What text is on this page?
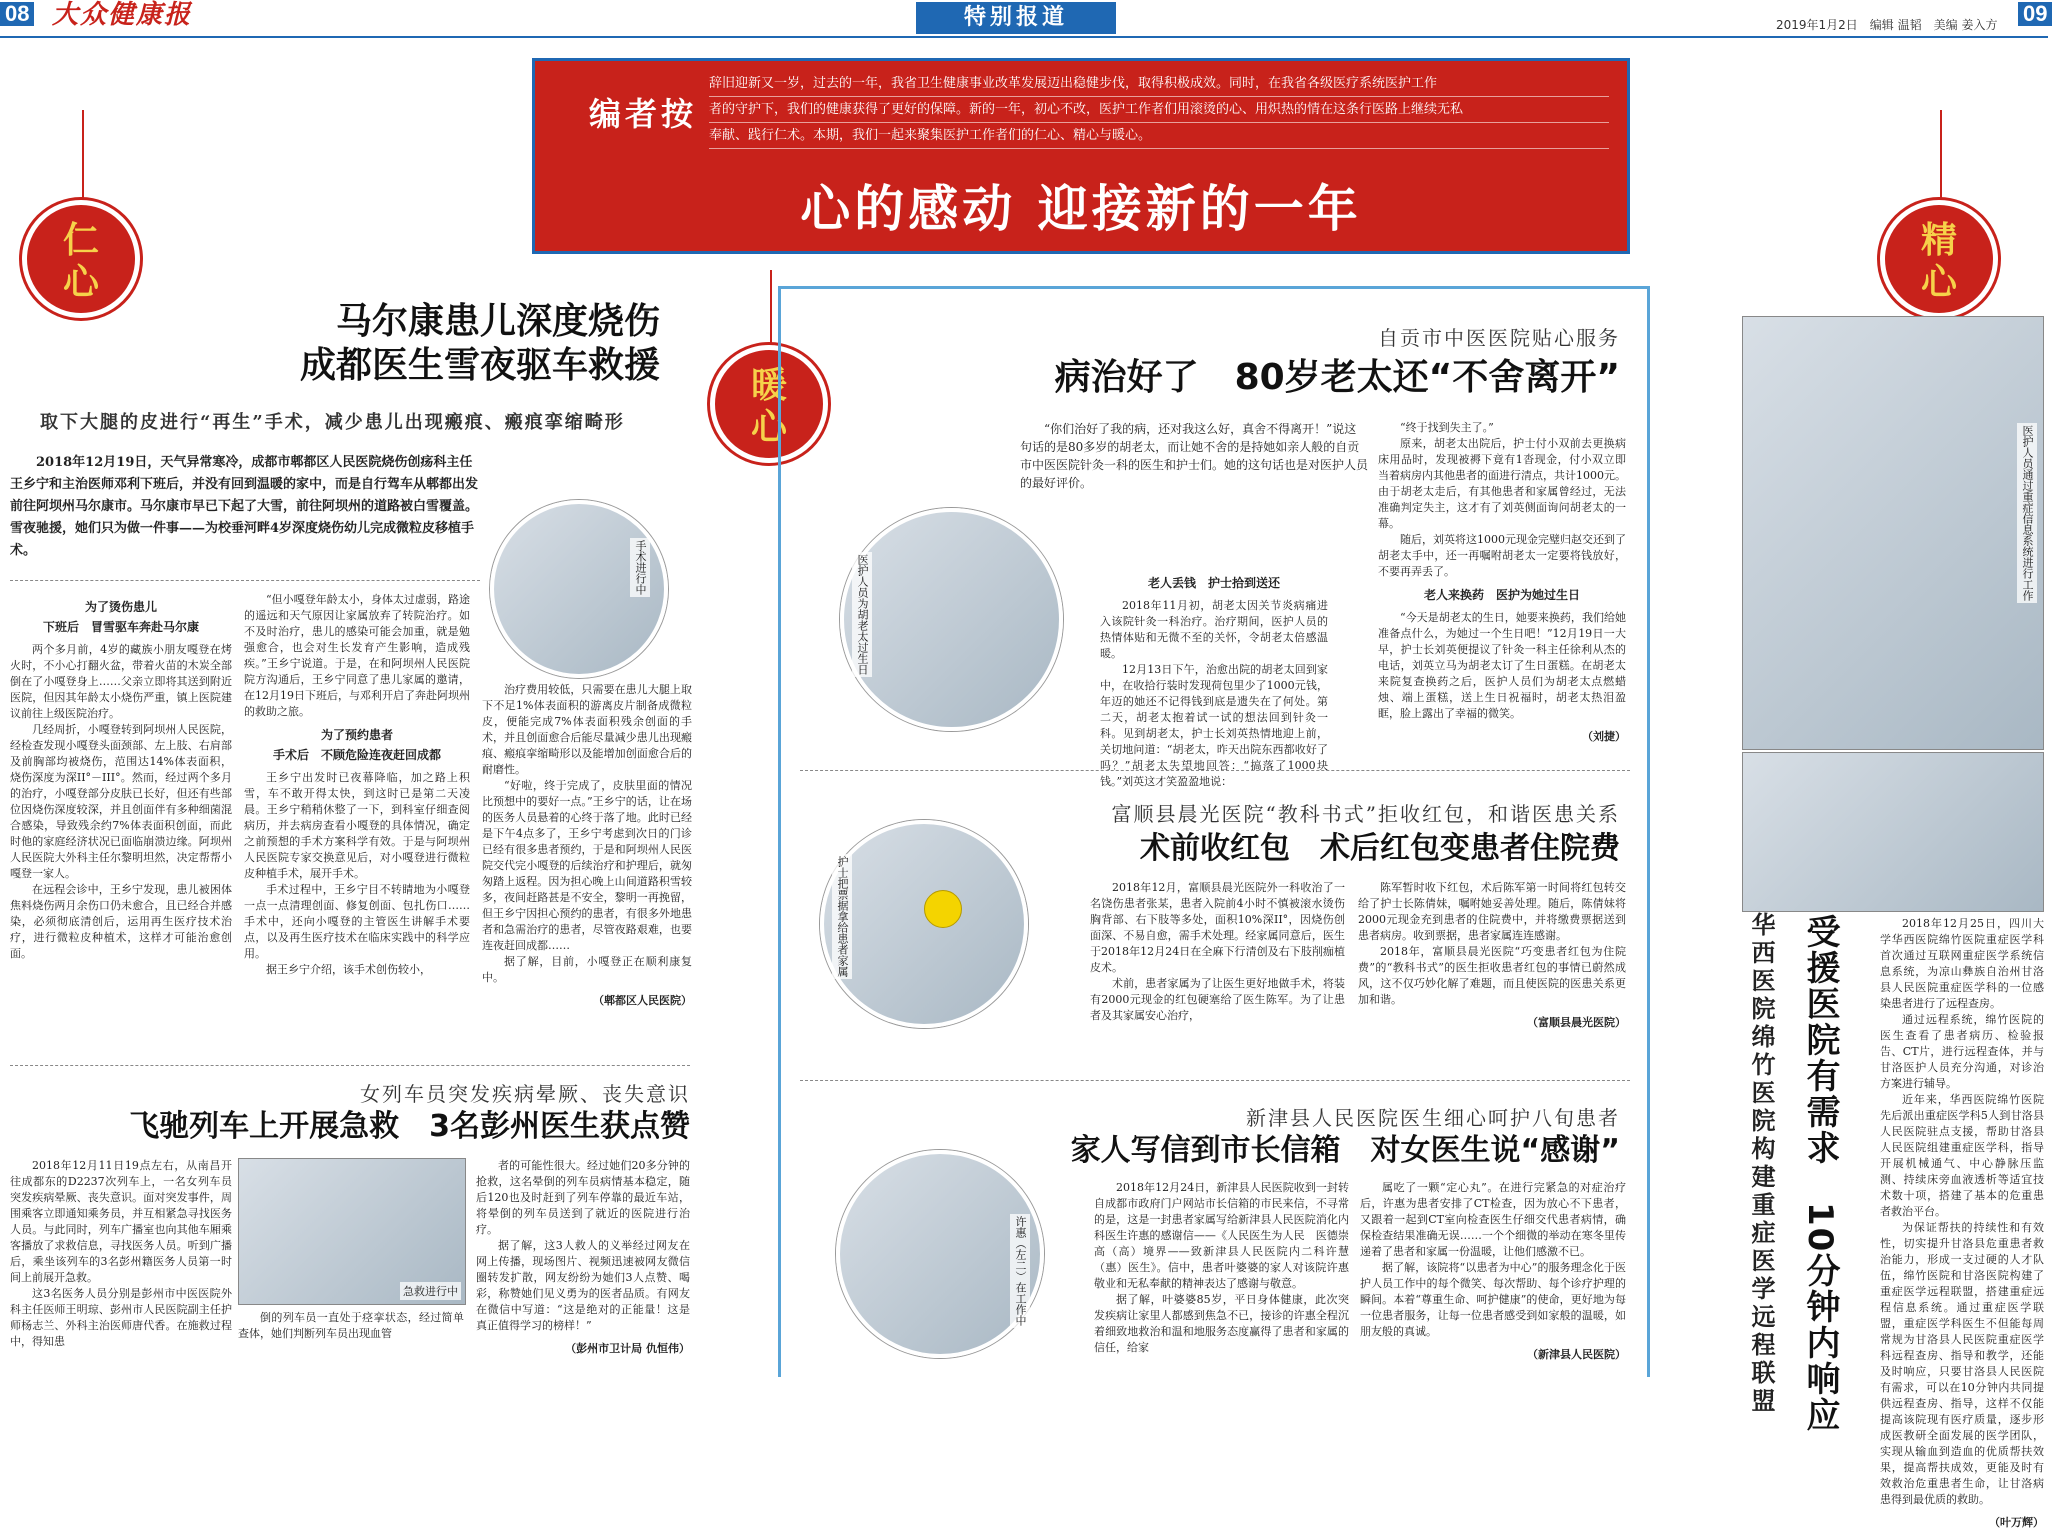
08 大众健康报	特别报道	2019年1月2日　编辑 温韬　美编 姜入方 09
编者按

辞旧迎新又一岁，过去的一年，我省卫生健康事业改革发展迈出稳健步伐，取得积极成效。同时，在我省各级医疗系统医护工作

者的守护下，我们的健康获得了更好的保障。新的一年，初心不改，医护工作者们用滚烫的心、用炽热的情在这条行医路上继续无私

奉献、践行仁术。本期，我们一起来聚集医护工作者们的仁心、精心与暖心。

心的感动 迎接新的一年
仁心
暖心
精心
马尔康患儿深度烧伤
成都医生雪夜驱车救援
取下大腿的皮进行“再生”手术，减少患儿出现瘢痕、瘢痕挛缩畸形
2018年12月19日，天气异常寒冷，成都市郫都区人民医院烧伤创疡科主任王乡宁和主治医师邓利下班后，并没有回到温暖的家中，而是自行驾车从郫都出发前往阿坝州马尔康市。马尔康市早已下起了大雪，前往阿坝州的道路被白雪覆盖。雪夜驰援，她们只为做一件事——为校垂河畔4岁深度烧伤幼儿完成微粒皮移植手术。	手术进行中
为了烫伤患儿
下班后　冒雪驱车奔赴马尔康

两个多月前，4岁的藏族小朋友嘎登在烤火时，不小心打翻火盆，带着火苗的木炭全部倒在了小嘎登身上……父亲立即将其送到附近医院，但因其年龄太小烧伤严重，镇上医院建议前往上级医院治疗。

几经周折，小嘎登转到阿坝州人民医院，经检查发现小嘎登头面颈部、左上肢、右肩部及前胸部均被烧伤，范围达14%体表面积，烧伤深度为深II°－III°。然而，经过两个多月的治疗，小嘎登部分皮肤已长好，但还有些部位因烧伤深度较深，并且创面伴有多种细菌混合感染，导致残余约7%体表面积创面，而此时他的家庭经济状况已面临崩溃边缘。阿坝州人民医院大外科主任尔黎明坦然，决定帮帮小嘎登一家人。

在远程会诊中，王乡宁发现，患儿被困体焦料烧伤两月余伤口仍未愈合，且已经合并感染，必须彻底清创后，运用再生医疗技术治疗，进行微粒皮种植术，这样才可能治愈创面。

“但小嘎登年龄太小，身体太过虚弱，路途的遥远和天气原因让家属放弃了转院治疗。如不及时治疗，患儿的感染可能会加重，就是勉强愈合，也会对生长发育产生影响，造成残疾。”王乡宁说道。于是，在和阿坝州人民医院院方沟通后，王乡宁同意了患儿家属的邀请，在12月19日下班后，与邓利开启了奔赴阿坝州的救助之旅。

为了预约患者
手术后　不顾危险连夜赶回成都

王乡宁出发时已夜幕降临，加之路上积雪，车不敢开得太快，到这时已是第二天凌晨。王乡宁稍稍休整了一下，到科室仔细查阅病历，并去病房查看小嘎登的具体情况，确定之前预想的手术方案科学有效。于是与阿坝州人民医院专家交换意见后，对小嘎登进行微粒皮种植手术，展开手术。

手术过程中，王乡宁目不转睛地为小嘎登一点一点清理创面、修复创面、包扎伤口……手术中，还向小嘎登的主管医生讲解手术要点，以及再生医疗技术在临床实践中的科学应用。

据王乡宁介绍，该手术创伤较小，

治疗费用较低，只需要在患儿大腿上取下不足1%体表面积的游离皮片制备成微粒皮，便能完成7%体表面积残余创面的手术，并且创面愈合后能尽量减少患儿出现瘢痕、瘢痕挛缩畸形以及能增加创面愈合后的耐磨性。

“好啦，终于完成了，皮肤里面的情况比预想中的要好一点。”王乡宁的话，让在场的医务人员悬着的心终于落了地。此时已经是下午4点多了，王乡宁考虑到次日的门诊已经有很多患者预约，于是和阿坝州人民医院交代完小嘎登的后续治疗和护理后，就匆匆踏上返程。因为担心晚上山间道路积雪较多，夜间赶路甚是不安全，黎明一再挽留，但王乡宁因担心预约的患者，有很多外地患者和急需治疗的患者，尽管夜路艰难，也要连夜赶回成都……

据了解，目前，小嘎登正在顺利康复中。

（郫都区人民医院）
女列车员突发疾病晕厥、丧失意识
飞驰列车上开展急救　3名彭州医生获点赞

2018年12月11日19点左右，从南昌开往成都东的D2237次列车上，一名女列车员突发疾病晕厥、丧失意识。面对突发事件，周围乘客立即通知乘务员，并互相紧急寻找医务人员。与此同时，列车广播室也向其他车厢乘客播放了求救信息，寻找医务人员。听到广播后，乘坐该列车的3名彭州籍医务人员第一时间上前展开急救。

这3名医务人员分别是彭州市中医医院外科主任医师王明琼、彭州市人民医院副主任护师杨志兰、外科主治医师唐代香。在施救过程中，得知患

急救进行中

倒的列车员一直处于痉挛状态，经过简单查体，她们判断列车员出现血管

者的可能性很大。经过她们20多分钟的抢救，这名晕倒的列车员病情基本稳定，随后120也及时赶到了列车停靠的最近车站，将晕倒的列车员送到了就近的医院进行治疗。

据了解，这3人救人的义举经过网友在网上传播，现场图片、视频迅速被网友微信圈转发扩散，网友纷纷为她们3人点赞、喝彩，称赞她们见义勇为的医者品质。有网友在微信中写道：“这是绝对的正能量！这是真正值得学习的榜样！”

（彭州市卫计局 仇恒伟）
自贡市中医医院贴心服务
病治好了　80岁老太还“不舍离开”
“你们治好了我的病，还对我这么好，真舍不得离开！”说这句话的是80多岁的胡老太，而让她不舍的是持她如亲人般的自贡市中医医院针灸一科的医生和护士们。她的这句话也是对医护人员的最好评价。
医护人员为胡老太过生日	老人丢钱　护士拾到送还

2018年11月初，胡老太因关节炎病痛进入该院针灸一科治疗。治疗期间，医护人员的热情体贴和无微不至的关怀，令胡老太倍感温暖。

12月13日下午，治愈出院的胡老太回到家中，在收拾行装时发现荷包里少了1000元钱，年迈的她还不记得钱到底是遗失在了何处。第二天，胡老太抱着试一试的想法回到针灸一科。见到胡老太，护士长刘英热情地迎上前，关切地问道：“胡老太，昨天出院东西都收好了吗？”胡老太失望地回答：“搞落了1000块钱。”刘英这才笑盈盈地说：

“终于找到失主了。”

原来，胡老太出院后，护士付小双前去更换病床用品时，发现被褥下竟有1沓现金，付小双立即当着病房内其他患者的面进行清点，共计1000元。由于胡老太走后，有其他患者和家属曾经过，无法准确判定失主，这才有了刘英侧面询问胡老太的一幕。

随后，刘英将这1000元现金完璧归赵交还到了胡老太手中，还一再嘱咐胡老太一定要将钱放好，不要再弄丢了。

老人来换药　医护为她过生日

“今天是胡老太的生日，她要来换药，我们给她准备点什么，为她过一个生日吧！”12月19日一大早，护士长刘英便提议了针灸一科主任徐利从杰的电话，刘英立马为胡老太订了生日蛋糕。在胡老太来院复查换药之后，医护人员们为胡老太点燃蜡烛、端上蛋糕，送上生日祝福时，胡老太热泪盈眶，脸上露出了幸福的微笑。

（刘捷）
富顺县晨光医院“教科书式”拒收红包，和谐医患关系
术前收红包　术后红包变患者住院费
护士把票据拿给患者家属	2018年12月，富顺县晨光医院外一科收治了一名饶伤患者张某，患者入院前4小时不慎被滚水烫伤胸背部、右下肢等多处，面积10%深II°，因烧伤创面深、不易自愈，需手术处理。经家属同意后，医生于2018年12月24日在全麻下行清创及右下肢削痂植皮术。

术前，患者家属为了让医生更好地做手术，将装有2000元现金的红包硬塞给了医生陈军。为了让患者及其家属安心治疗，

陈军暂时收下红包，术后陈军第一时间将红包转交给了护士长陈倩妹，嘱咐她妥善处理。随后，陈倩妹将2000元现金充到患者的住院费中，并将缴费票据送到患者病房。收到票据，患者家属连连感谢。

2018年，富顺县晨光医院“巧变患者红包为住院费”的“教科书式”的医生拒收患者红包的事情已蔚然成风，这不仅巧妙化解了难题，而且使医院的医患关系更加和谐。

（富顺县晨光医院）
新津县人民医院医生细心呵护八旬患者
家人写信到市长信箱　对女医生说“感谢”
许惠（左二）在工作中

2018年12月24日，新津县人民医院收到一封转自成都市政府门户网站市长信箱的市民来信，不寻常的是，这是一封患者家属写给新津县人民医院消化内科医生许惠的感谢信——《人民医生为人民　医德崇高（高）境界——致新津县人民医院内二科许慧（惠）医生》。信中，患者叶婆婆的家人对该院许惠敬业和无私奉献的精神表达了感谢与敬意。

据了解，叶婆婆85岁，平日身体健康，此次突发疾病让家里人都感到焦急不已，接诊的许惠全程沉着细致地救治和温和地服务态度赢得了患者和家属的信任，给家

属吃了一颗“定心丸”。在进行完紧急的对症治疗后，许惠为患者安排了CT检查，因为放心不下患者，又跟着一起到CT室向检查医生仔细交代患者病情，确保检查结果准确无误……一个个细微的举动在寒冬里传递着了患者和家属一份温暖，让他们感激不已。

据了解，该院将“以患者为中心”的服务理念化于医护人员工作中的每个微笑、每次帮助、每个诊疗护理的瞬间。本着“尊重生命、呵护健康”的使命，更好地为每一位患者服务，让每一位患者感受到如家般的温暖，如朋友般的真诚。

（新津县人民医院）
医护人员通过重症信息系统进行工作
受援医院有需求　10分钟内响应
华西医院绵竹医院构建重症医学远程联盟	2018年12月25日，四川大学华西医院绵竹医院重症医学科首次通过互联网重症医学系统信息系统，为凉山彝族自治州甘洛县人民医院重症医学科的一位感染患者进行了远程查房。

通过远程系统，绵竹医院的医生查看了患者病历、检验报告、CT片，进行远程查体，并与甘洛医护人员充分沟通，对诊治方案进行辅导。

近年来，华西医院绵竹医院先后派出重症医学科5人到甘洛县人民医院驻点支援，帮助甘洛县人民医院组建重症医学科，指导开展机械通气、中心静脉压监测、持续床旁血液透析等适宜技术数十项，搭建了基本的危重患者救治平台。

为保证帮扶的持续性和有效性，切实提升甘洛县危重患者救治能力，形成一支过硬的人才队伍，绵竹医院和甘洛医院构建了重症医学远程联盟，搭建重症远程信息系统。通过重症医学联盟，重症医学科医生不但能每周常规为甘洛县人民医院重症医学科远程查房、指导和教学，还能及时响应，只要甘洛县人民医院有需求，可以在10分钟内共同提供远程查房、指导，这样不仅能提高该院现有医疗质量，逐步形成医教研全面发展的医学团队，实现从输血到造血的优质帮扶效果，提高帮扶成效，更能及时有效救治危重患者生命，让甘洛病患得到最优质的救助。

（叶万辉）
